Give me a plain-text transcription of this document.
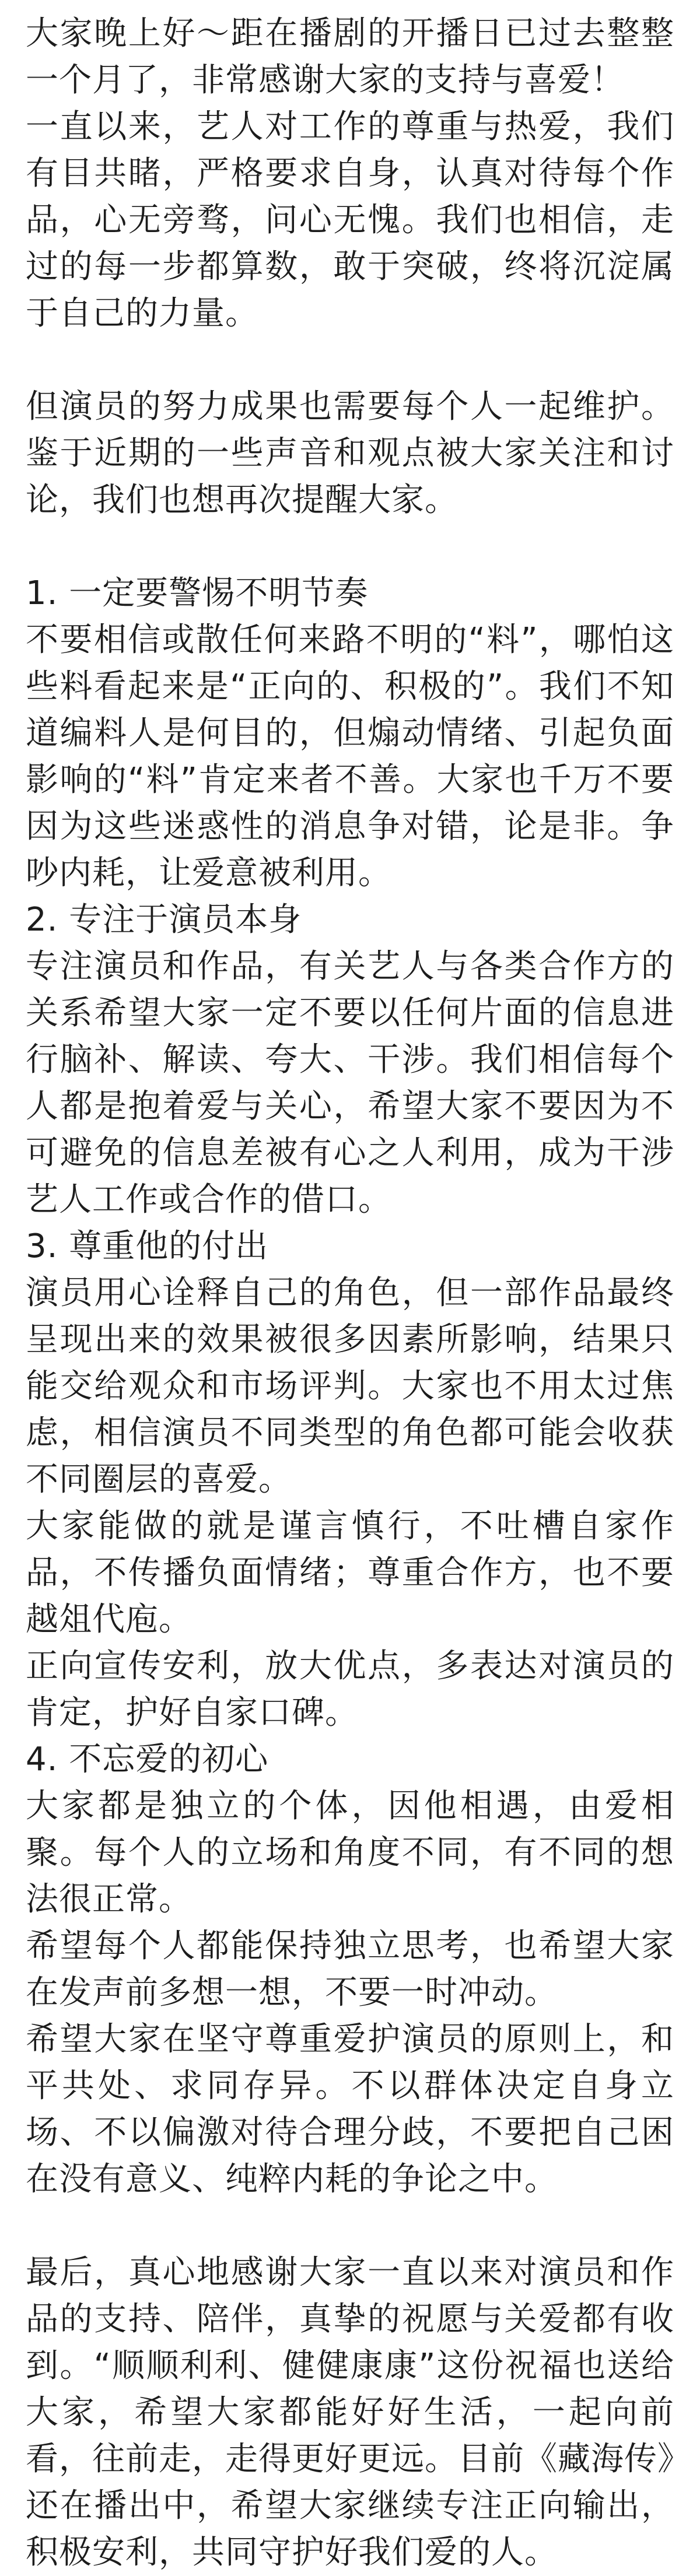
大家晚上好～距在播剧的开播日已过去整整一个月了，非常感谢大家的支持与喜爱！

一直以来，艺人对工作的尊重与热爱，我们有目共睹，严格要求自身，认真对待每个作品，心无旁骛，问心无愧。我们也相信，走过的每一步都算数，敢于突破，终将沉淀属于自己的力量。

但演员的努力成果也需要每个人一起维护。鉴于近期的一些声音和观点被大家关注和讨论，我们也想再次提醒大家。

1. 一定要警惕不明节奏

不要相信或散任何来路不明的“料”，哪怕这些料看起来是“正向的、积极的”。我们不知道编料人是何目的，但煽动情绪、引起负面影响的“料”肯定来者不善。大家也千万不要因为这些迷惑性的消息争对错，论是非。争吵内耗，让爱意被利用。

2. 专注于演员本身

专注演员和作品，有关艺人与各类合作方的关系希望大家一定不要以任何片面的信息进行脑补、解读、夸大、干涉。我们相信每个人都是抱着爱与关心，希望大家不要因为不可避免的信息差被有心之人利用，成为干涉艺人工作或合作的借口。

3. 尊重他的付出

演员用心诠释自己的角色，但一部作品最终呈现出来的效果被很多因素所影响，结果只能交给观众和市场评判。大家也不用太过焦虑，相信演员不同类型的角色都可能会收获不同圈层的喜爱。

大家能做的就是谨言慎行，不吐槽自家作品，不传播负面情绪；尊重合作方，也不要越俎代庖。

正向宣传安利，放大优点，多表达对演员的肯定，护好自家口碑。

4. 不忘爱的初心

大家都是独立的个体，因他相遇，由爱相聚。每个人的立场和角度不同，有不同的想法很正常。

希望每个人都能保持独立思考，也希望大家在发声前多想一想，不要一时冲动。

希望大家在坚守尊重爱护演员的原则上，和平共处、求同存异。不以群体决定自身立场、不以偏激对待合理分歧，不要把自己困在没有意义、纯粹内耗的争论之中。

最后，真心地感谢大家一直以来对演员和作品的支持、陪伴，真挚的祝愿与关爱都有收到。“顺顺利利、健健康康”这份祝福也送给大家，希望大家都能好好生活，一起向前看，往前走，走得更好更远。目前《藏海传》还在播出中，希望大家继续专注正向输出，积极安利，共同守护好我们爱的人。
